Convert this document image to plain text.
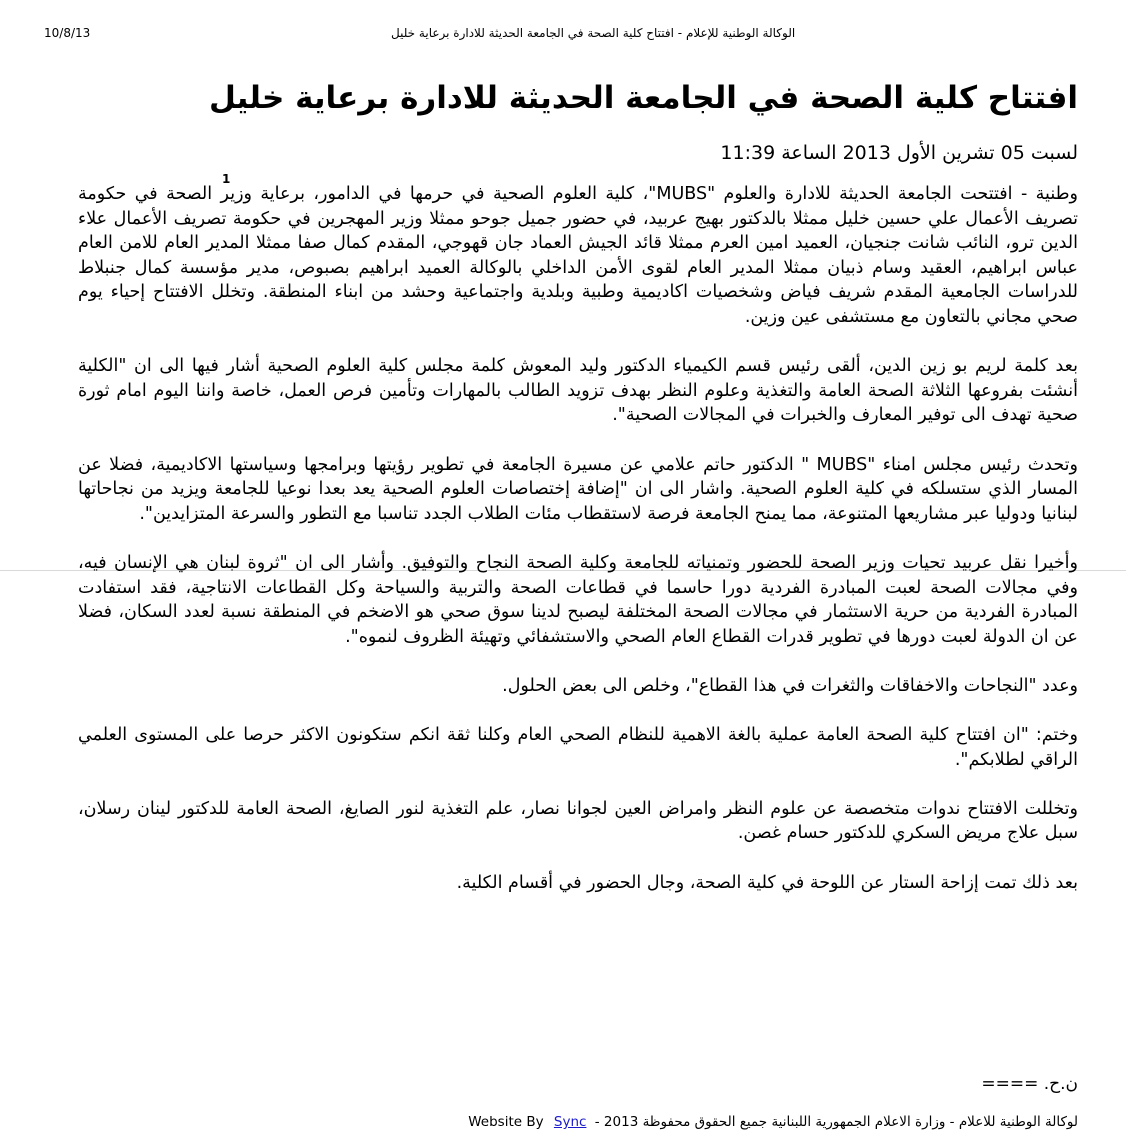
10/8/13	الوكالة الوطنية للإعلام - افتتاح كلية الصحة في الجامعة الحديثة للادارة برعاية خليل
1
افتتاح كلية الصحة في الجامعة الحديثة للادارة برعاية خليل
لسبت 05 تشرين الأول 2013 الساعة 11:39

وطنية - افتتحت الجامعة الحديثة للادارة والعلوم "MUBS"، كلية العلوم الصحية في حرمها في الدامور، برعاية وزير الصحة في حكومة تصريف الأعمال علي حسين خليل ممثلا بالدكتور بهيج عربيد، في حضور جميل جوحو ممثلا وزير المهجرين في حكومة تصريف الأعمال علاء الدين ترو، النائب شانت جنجيان، العميد امين العرم ممثلا قائد الجيش العماد جان قهوجي، المقدم كمال صفا ممثلا المدير العام للامن العام عباس ابراهيم، العقيد وسام ذبيان ممثلا المدير العام لقوى الأمن الداخلي بالوكالة العميد ابراهيم بصبوص، مدير مؤسسة كمال جنبلاط للدراسات الجامعية المقدم شريف فياض وشخصيات اكاديمية وطبية وبلدية واجتماعية وحشد من ابناء المنطقة. وتخلل الافتتاح إحياء يوم صحي مجاني بالتعاون مع مستشفى عين وزين.

بعد كلمة لريم بو زين الدين، ألقى رئيس قسم الكيمياء الدكتور وليد المعوش كلمة مجلس كلية العلوم الصحية أشار فيها الى ان "الكلية أنشئت بفروعها الثلاثة الصحة العامة والتغذية وعلوم النظر بهدف تزويد الطالب بالمهارات وتأمين فرص العمل، خاصة واننا اليوم امام ثورة صحية تهدف الى توفير المعارف والخبرات في المجالات الصحية".

وتحدث رئيس مجلس امناء "MUBS " الدكتور حاتم علامي عن مسيرة الجامعة في تطوير رؤيتها وبرامجها وسياستها الاكاديمية، فضلا عن المسار الذي ستسلكه في كلية العلوم الصحية. واشار الى ان "إضافة إختصاصات العلوم الصحية يعد بعدا نوعيا للجامعة ويزيد من نجاحاتها لبنانيا ودوليا عبر مشاريعها المتنوعة، مما يمنح الجامعة فرصة لاستقطاب مئات الطلاب الجدد تناسبا مع التطور والسرعة المتزايدين".

وأخيرا نقل عربيد تحيات وزير الصحة للحضور وتمنياته للجامعة وكلية الصحة النجاح والتوفيق. وأشار الى ان "ثروة لبنان هي الإنسان فيه، وفي مجالات الصحة لعبت المبادرة الفردية دورا حاسما في قطاعات الصحة والتربية والسياحة وكل القطاعات الانتاجية، فقد استفادت المبادرة الفردية من حرية الاستثمار في مجالات الصحة المختلفة ليصبح لدينا سوق صحي هو الاضخم في المنطقة نسبة لعدد السكان، فضلا عن ان الدولة لعبت دورها في تطوير قدرات القطاع العام الصحي والاستشفائي وتهيئة الظروف لنموه".

وعدد "النجاحات والاخفاقات والثغرات في هذا القطاع"، وخلص الى بعض الحلول.

وختم: "ان افتتاح كلية الصحة العامة عملية بالغة الاهمية للنظام الصحي العام وكلنا ثقة انكم ستكونون الاكثر حرصا على المستوى العلمي الراقي لطلابكم".

وتخللت الافتتاح ندوات متخصصة عن علوم النظر وامراض العين لجوانا نصار، علم التغذية لنور الصايغ، الصحة العامة للدكتور لينان رسلان، سبل علاج مريض السكري للدكتور حسام غصن.

بعد ذلك تمت إزاحة الستار عن اللوحة في كلية الصحة، وجال الحضور في أقسام الكلية.

ن.ح. ====
لوكالة الوطنية للاعلام - وزارة الاعلام الجمهورية اللبنانية جميع الحقوق محفوظة 2013 - Website By Sync
